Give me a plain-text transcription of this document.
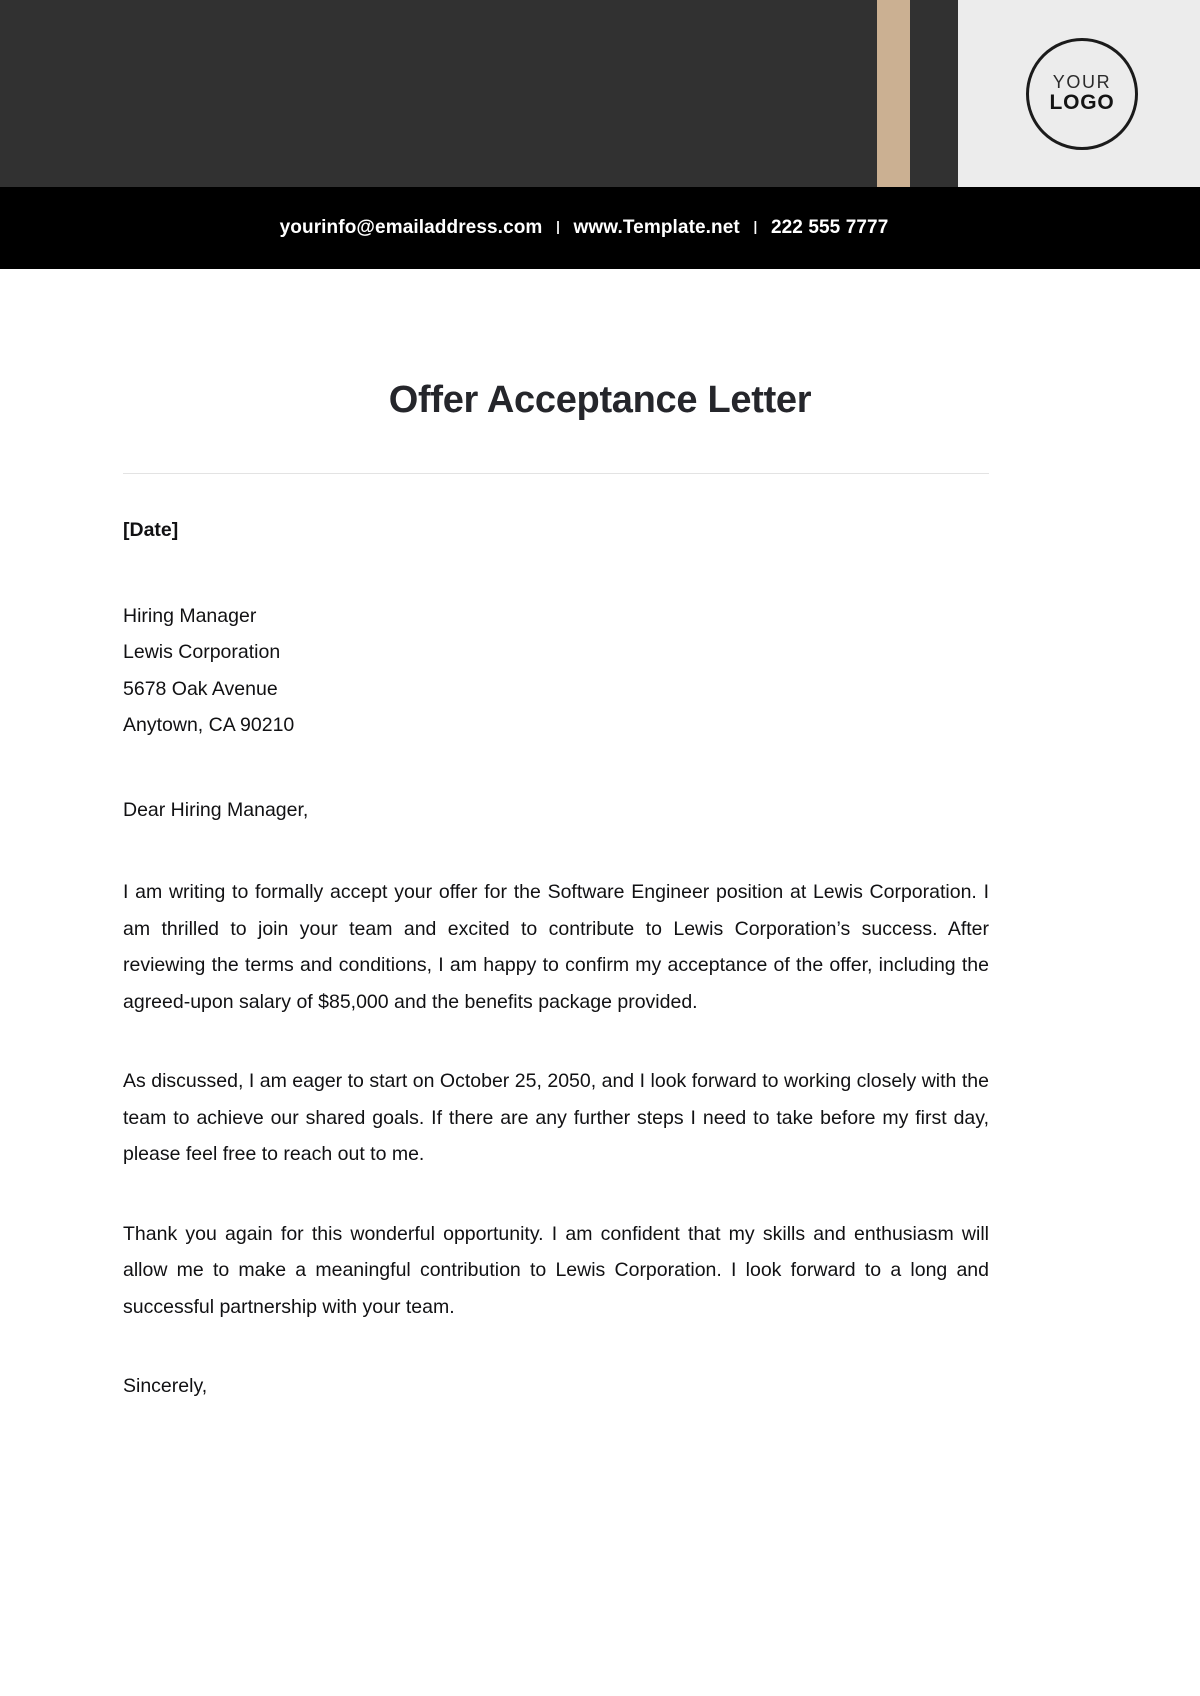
YOUR
LOGO
yourinfo@emailaddress.com I www.Template.net I 222 555 7777
Offer Acceptance Letter
[Date]
Hiring Manager
Lewis Corporation
5678 Oak Avenue
Anytown, CA 90210
Dear Hiring Manager,

I am writing to formally accept your offer for the Software Engineer position at Lewis Corporation. I am thrilled to join your team and excited to contribute to Lewis Corporation’s success. After reviewing the terms and conditions, I am happy to confirm my acceptance of the offer, including the agreed-upon salary of $85,000 and the benefits package provided.

As discussed, I am eager to start on October 25, 2050, and I look forward to working closely with the team to achieve our shared goals. If there are any further steps I need to take before my first day, please feel free to reach out to me.

Thank you again for this wonderful opportunity. I am confident that my skills and enthusiasm will allow me to make a meaningful contribution to Lewis Corporation. I look forward to a long and successful partnership with your team.

Sincerely,
